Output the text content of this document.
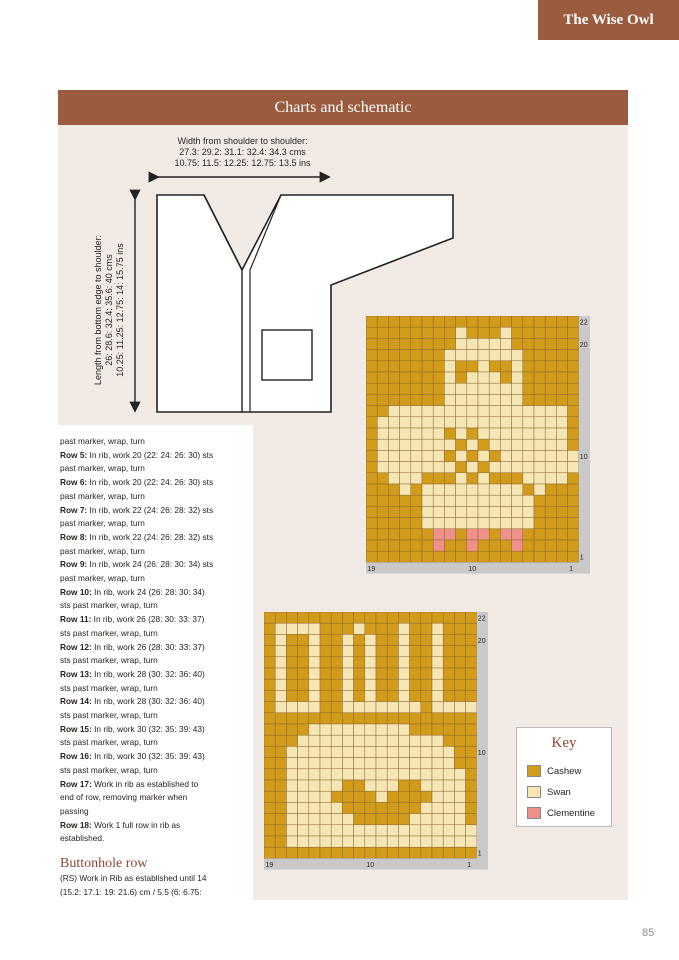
The Wise Owl
Charts and schematic
Width from shoulder to shoulder:
27.3: 29.2: 31.1: 32.4: 34.3 cms
10.75: 11.5: 12.25: 12.75: 13.5 ins
Length from bottom edge to shoulder: 26: 28.6: 32.4: 35.6: 40 cms 10.25: 11.25: 12.75: 14: 15.75 ins
past marker, wrap, turn
Row 5: In rib, work 20 (22: 24: 26: 30) sts
past marker, wrap, turn
Row 6: In rib, work 20 (22: 24: 26: 30) sts
past marker, wrap, turn
Row 7: In rib, work 22 (24: 26: 28: 32) sts
past marker, wrap, turn
Row 8: In rib, work 22 (24: 26: 28: 32) sts
past marker, wrap, turn
Row 9: In rib, work 24 (26: 28: 30: 34) sts
past marker, wrap, turn
Row 10: In rib, work 24 (26: 28: 30: 34)
sts past marker, wrap, turn
Row 11: In rib, work 26 (28: 30: 33: 37)
sts past marker, wrap, turn
Row 12: In rib, work 26 (28: 30: 33: 37)
sts past marker, wrap, turn
Row 13: In rib, work 28 (30: 32: 36: 40)
sts past marker, wrap, turn
Row 14: In rib, work 28 (30: 32: 36: 40)
sts past marker, wrap, turn
Row 15: In rib, work 30 (32: 35: 39: 43)
sts past marker, wrap, turn
Row 16: In rib, work 30 (32: 35: 39: 43)
sts past marker, wrap, turn
Row 17: Work in rib as established to
end of row, removing marker when
passing
Row 18: Work 1 full row in rib as
established.
Buttonhole row
(RS) Work in Rib as established until 14
(15.2: 17.1: 19: 21.6) cm / 5.5 (6: 6.75:
22
20
10
1
19	10	1
22
20
10
1
19	10	1
Key
Cashew
Swan
Clementine
85
